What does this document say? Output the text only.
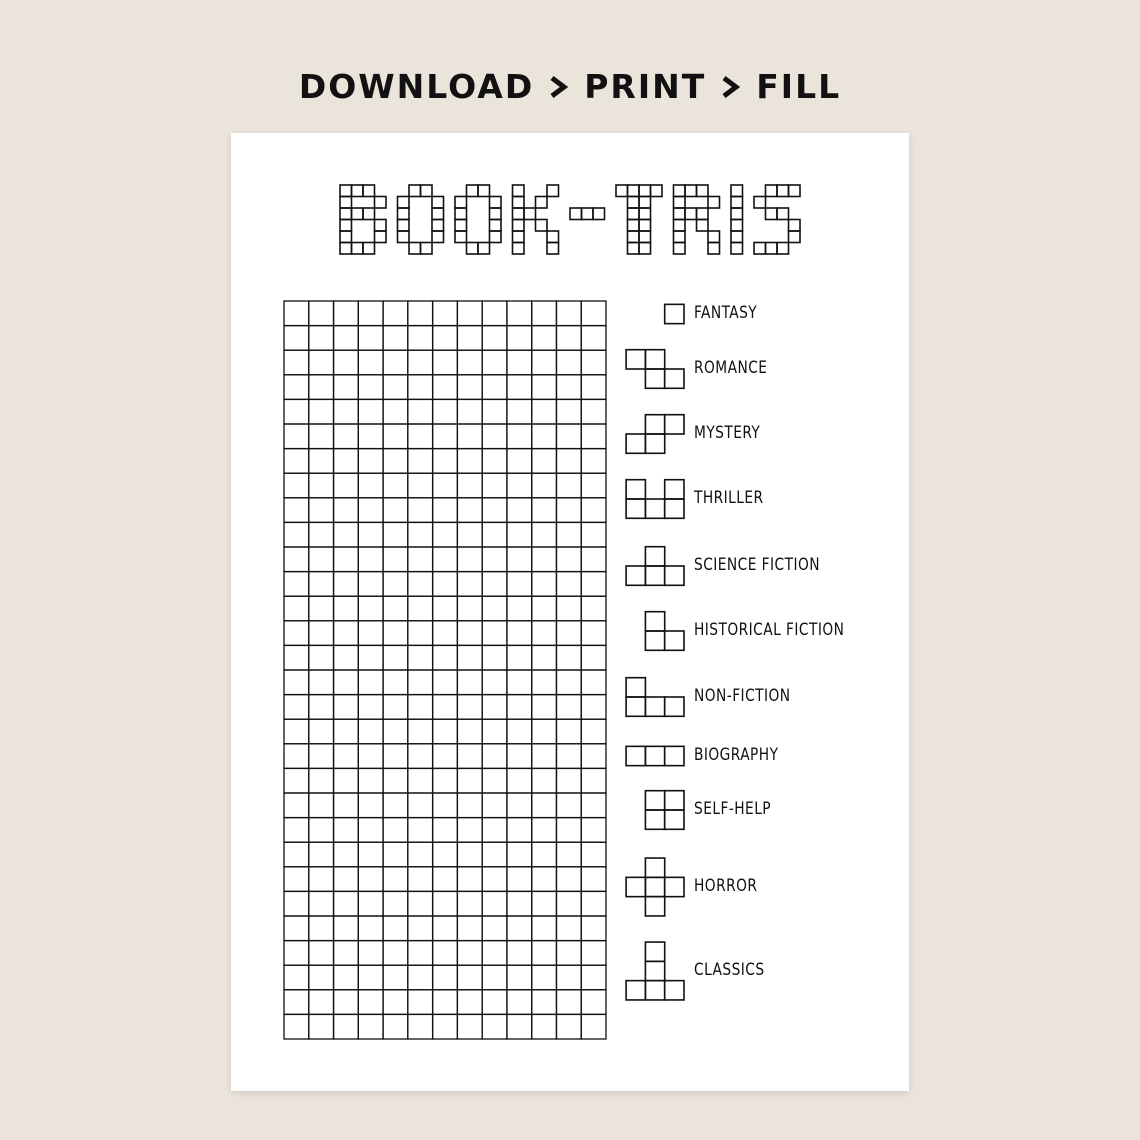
DOWNLOAD PRINT FILL
FANTASY
ROMANCE
MYSTERY
THRILLER
SCIENCE FICTION
HISTORICAL FICTION
NON-FICTION
BIOGRAPHY
SELF-HELP
HORROR
CLASSICS
